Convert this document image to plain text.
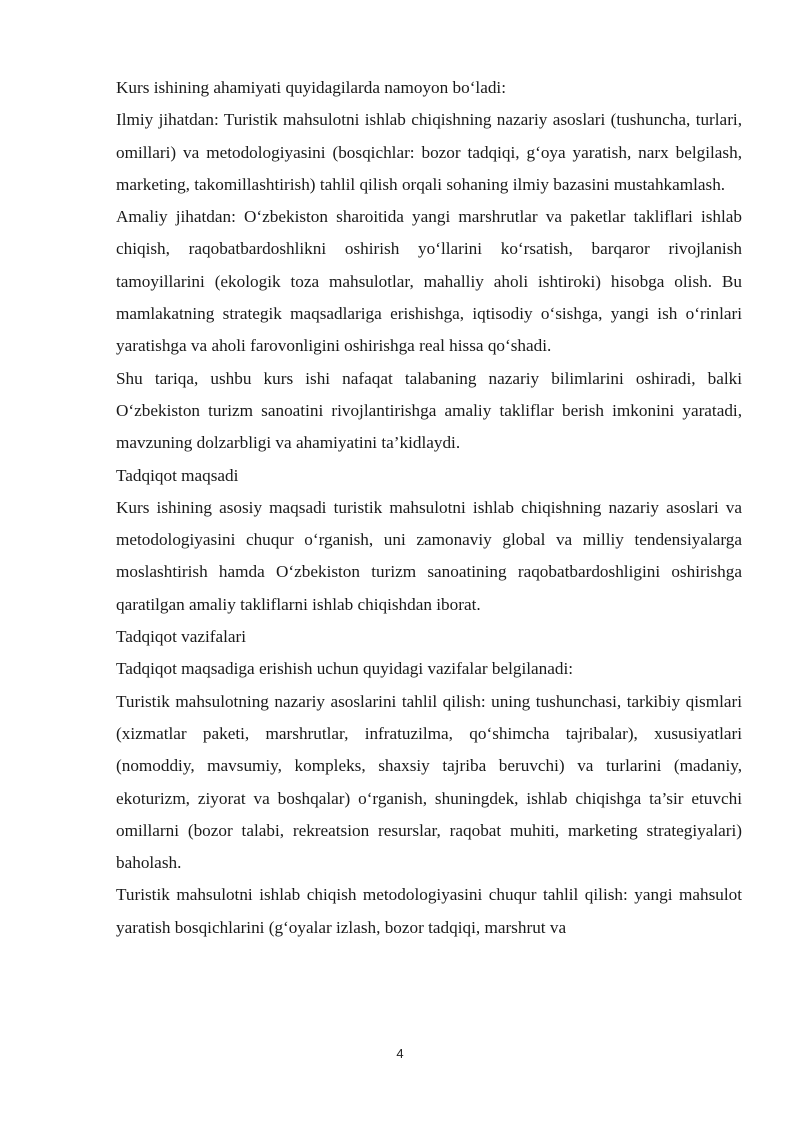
Kurs ishining ahamiyati quyidagilarda namoyon bo‘ladi:

Ilmiy jihatdan: Turistik mahsulotni ishlab chiqishning nazariy asoslari (tushuncha, turlari, omillari) va metodologiyasini (bosqichlar: bozor tadqiqi, g‘oya yaratish, narx belgilash, marketing, takomillashtirish) tahlil qilish orqali sohaning ilmiy bazasini mustahkamlash.

Amaliy jihatdan: O‘zbekiston sharoitida yangi marshrutlar va paketlar takliflari ishlab chiqish, raqobatbardoshlikni oshirish yo‘llarini ko‘rsatish, barqaror rivojlanish tamoyillarini (ekologik toza mahsulotlar, mahalliy aholi ishtiroki) hisobga olish. Bu mamlakatning strategik maqsadlariga erishishga, iqtisodiy o‘sishga, yangi ish o‘rinlari yaratishga va aholi farovonligini oshirishga real hissa qo‘shadi.

Shu tariqa, ushbu kurs ishi nafaqat talabaning nazariy bilimlarini oshiradi, balki O‘zbekiston turizm sanoatini rivojlantirishga amaliy takliflar berish imkonini yaratadi, mavzuning dolzarbligi va ahamiyatini ta’kidlaydi.

Tadqiqot maqsadi

Kurs ishining asosiy maqsadi turistik mahsulotni ishlab chiqishning nazariy asoslari va metodologiyasini chuqur o‘rganish, uni zamonaviy global va milliy tendensiyalarga moslashtirish hamda O‘zbekiston turizm sanoatining raqobatbardoshligini oshirishga qaratilgan amaliy takliflarni ishlab chiqishdan iborat.

Tadqiqot vazifalari

Tadqiqot maqsadiga erishish uchun quyidagi vazifalar belgilanadi:

Turistik mahsulotning nazariy asoslarini tahlil qilish: uning tushunchasi, tarkibiy qismlari (xizmatlar paketi, marshrutlar, infratuzilma, qo‘shimcha tajribalar), xususiyatlari (nomoddiy, mavsumiy, kompleks, shaxsiy tajriba beruvchi) va turlarini (madaniy, ekoturizm, ziyorat va boshqalar) o‘rganish, shuningdek, ishlab chiqishga ta’sir etuvchi omillarni (bozor talabi, rekreatsion resurslar, raqobat muhiti, marketing strategiyalari) baholash.

Turistik mahsulotni ishlab chiqish metodologiyasini chuqur tahlil qilish: yangi mahsulot yaratish bosqichlarini (g‘oyalar izlash, bozor tadqiqi, marshrut va

4
